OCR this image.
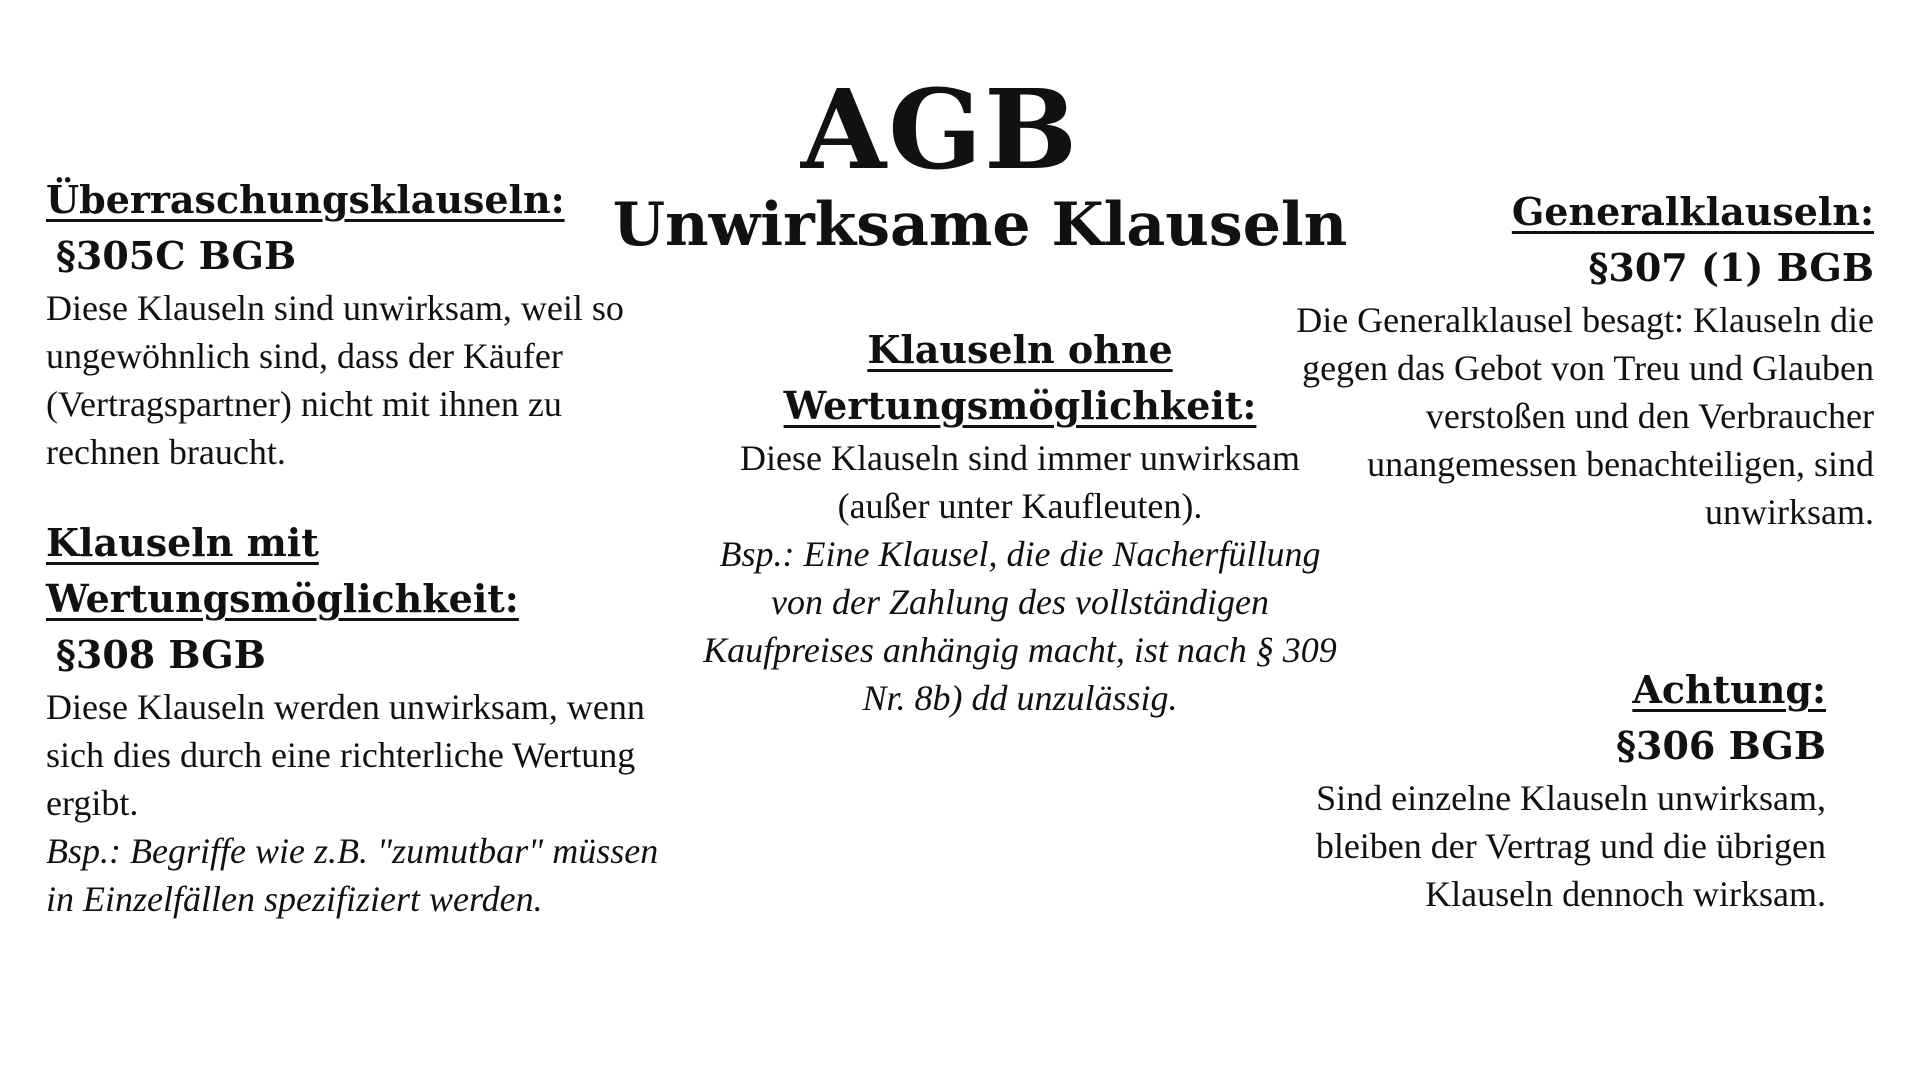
AGB
Unwirksame Klauseln
Überraschungsklauseln:
§305C BGB
Diese Klauseln sind unwirksam, weil so ungewöhnlich sind, dass der Käufer (Vertragspartner) nicht mit ihnen zu rechnen braucht.
Klauseln mit
Wertungsmöglichkeit:
§308 BGB
Diese Klauseln werden unwirksam, wenn sich dies durch eine richterliche Wertung ergibt.
Bsp.: Begriffe wie z.B. "zumutbar" müssen in Einzelfällen spezifiziert werden.
Klauseln ohne
Wertungsmöglichkeit:
Diese Klauseln sind immer unwirksam (außer unter Kaufleuten).
Bsp.: Eine Klausel, die die Nacherfüllung von der Zahlung des vollständigen Kaufpreises anhängig macht, ist nach § 309 Nr. 8b) dd unzulässig.
Generalklauseln:
§307 (1) BGB
Die Generalklausel besagt: Klauseln die gegen das Gebot von Treu und Glauben verstoßen und den Verbraucher unangemessen benachteiligen, sind unwirksam.
Achtung:
§306 BGB
Sind einzelne Klauseln unwirksam, bleiben der Vertrag und die übrigen Klauseln dennoch wirksam.
